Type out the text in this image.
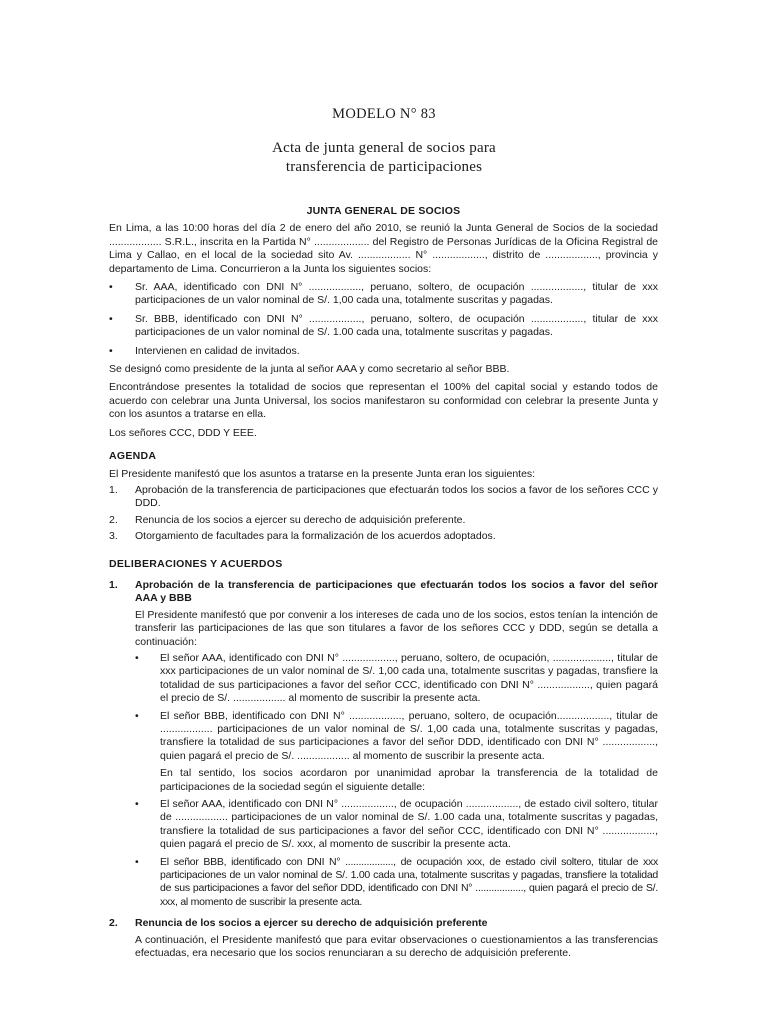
MODELO N° 83
Acta de junta general de socios para
transferencia de participaciones
JUNTA GENERAL DE SOCIOS

En Lima, a las 10:00 horas del día 2 de enero del año 2010, se reunió la Junta General de Socios de la sociedad .................. S.R.L., inscrita en la Partida N° ................... del Registro de Personas Jurídicas de la Oficina Registral de Lima y Callao, en el local de la sociedad sito Av. .................. N° .................., distrito de .................., provincia y departamento de Lima. Concurrieron a la Junta los siguientes socios:

•	Sr. AAA, identificado con DNI N° .................., peruano, soltero, de ocupación .................., titular de xxx participaciones de un valor nominal de S/. 1,00 cada una, totalmente suscritas y pagadas.
•	Sr. BBB, identificado con DNI N° .................., peruano, soltero, de ocupación .................., titular de xxx participaciones de un valor nominal de S/. 1.00 cada una, totalmente suscritas y pagadas.
•	Intervienen en calidad de invitados.

Se designó como presidente de la junta al señor AAA y como secretario al señor BBB.

Encontrándose presentes la totalidad de socios que representan el 100% del capital social y estando todos de acuerdo con celebrar una Junta Universal, los socios manifestaron su conformidad con celebrar la presente Junta y con los asuntos a tratarse en ella.

Los señores CCC, DDD Y EEE.

AGENDA

El Presidente manifestó que los asuntos a tratarse en la presente Junta eran los siguientes:

1.	Aprobación de la transferencia de participaciones que efectuarán todos los socios a favor de los señores CCC y DDD.
2.	Renuncia de los socios a ejercer su derecho de adquisición preferente.
3.	Otorgamiento de facultades para la formalización de los acuerdos adoptados.
DELIBERACIONES Y ACUERDOS
1.	Aprobación de la transferencia de participaciones que efectuarán todos los socios a favor del señor AAA y BBB

El Presidente manifestó que por convenir a los intereses de cada uno de los socios, estos tenían la intención de transferir las participaciones de las que son titulares a favor de los señores CCC y DDD, según se detalla a continuación:

•	El señor AAA, identificado con DNI N° .................., peruano, soltero, de ocupación, ...................., titular de xxx participaciones de un valor nominal de S/. 1,00 cada una, totalmente suscritas y pagadas, transfiere la totalidad de sus participaciones a favor del señor CCC, identificado con DNI N° .................., quien pagará el precio de S/. .................. al momento de suscribir la presente acta.
•	El señor BBB, identificado con DNI N° .................., peruano, soltero, de ocupación.................., titular de .................. participaciones de un valor nominal de S/. 1,00 cada una, totalmente suscritas y pagadas, transfiere la totalidad de sus participaciones a favor del señor DDD, identificado con DNI N° .................., quien pagará el precio de S/. .................. al momento de suscribir la presente acta.
En tal sentido, los socios acordaron por unanimidad aprobar la transferencia de la totalidad de participaciones de la sociedad según el siguiente detalle:
•	El señor AAA, identificado con DNI N° .................., de ocupación .................., de estado civil soltero, titular de .................. participaciones de un valor nominal de S/. 1.00 cada una, totalmente suscritas y pagadas, transfiere la totalidad de sus participaciones a favor del señor CCC, identificado con DNI N° .................., quien pagará el precio de S/. xxx, al momento de suscribir la presente acta.
•	El señor BBB, identificado con DNI N° .................., de ocupación xxx, de estado civil soltero, titular de xxx participaciones de un valor nominal de S/. 1.00 cada una, totalmente suscritas y pagadas, transfiere la totalidad de sus participaciones a favor del señor DDD, identificado con DNI N° .................., quien pagará el precio de S/. xxx, al momento de suscribir la presente acta.
2.	Renuncia de los socios a ejercer su derecho de adquisición preferente
A continuación, el Presidente manifestó que para evitar observaciones o cuestionamientos a las transferencias efectuadas, era necesario que los socios renunciaran a su derecho de adquisición preferente.
